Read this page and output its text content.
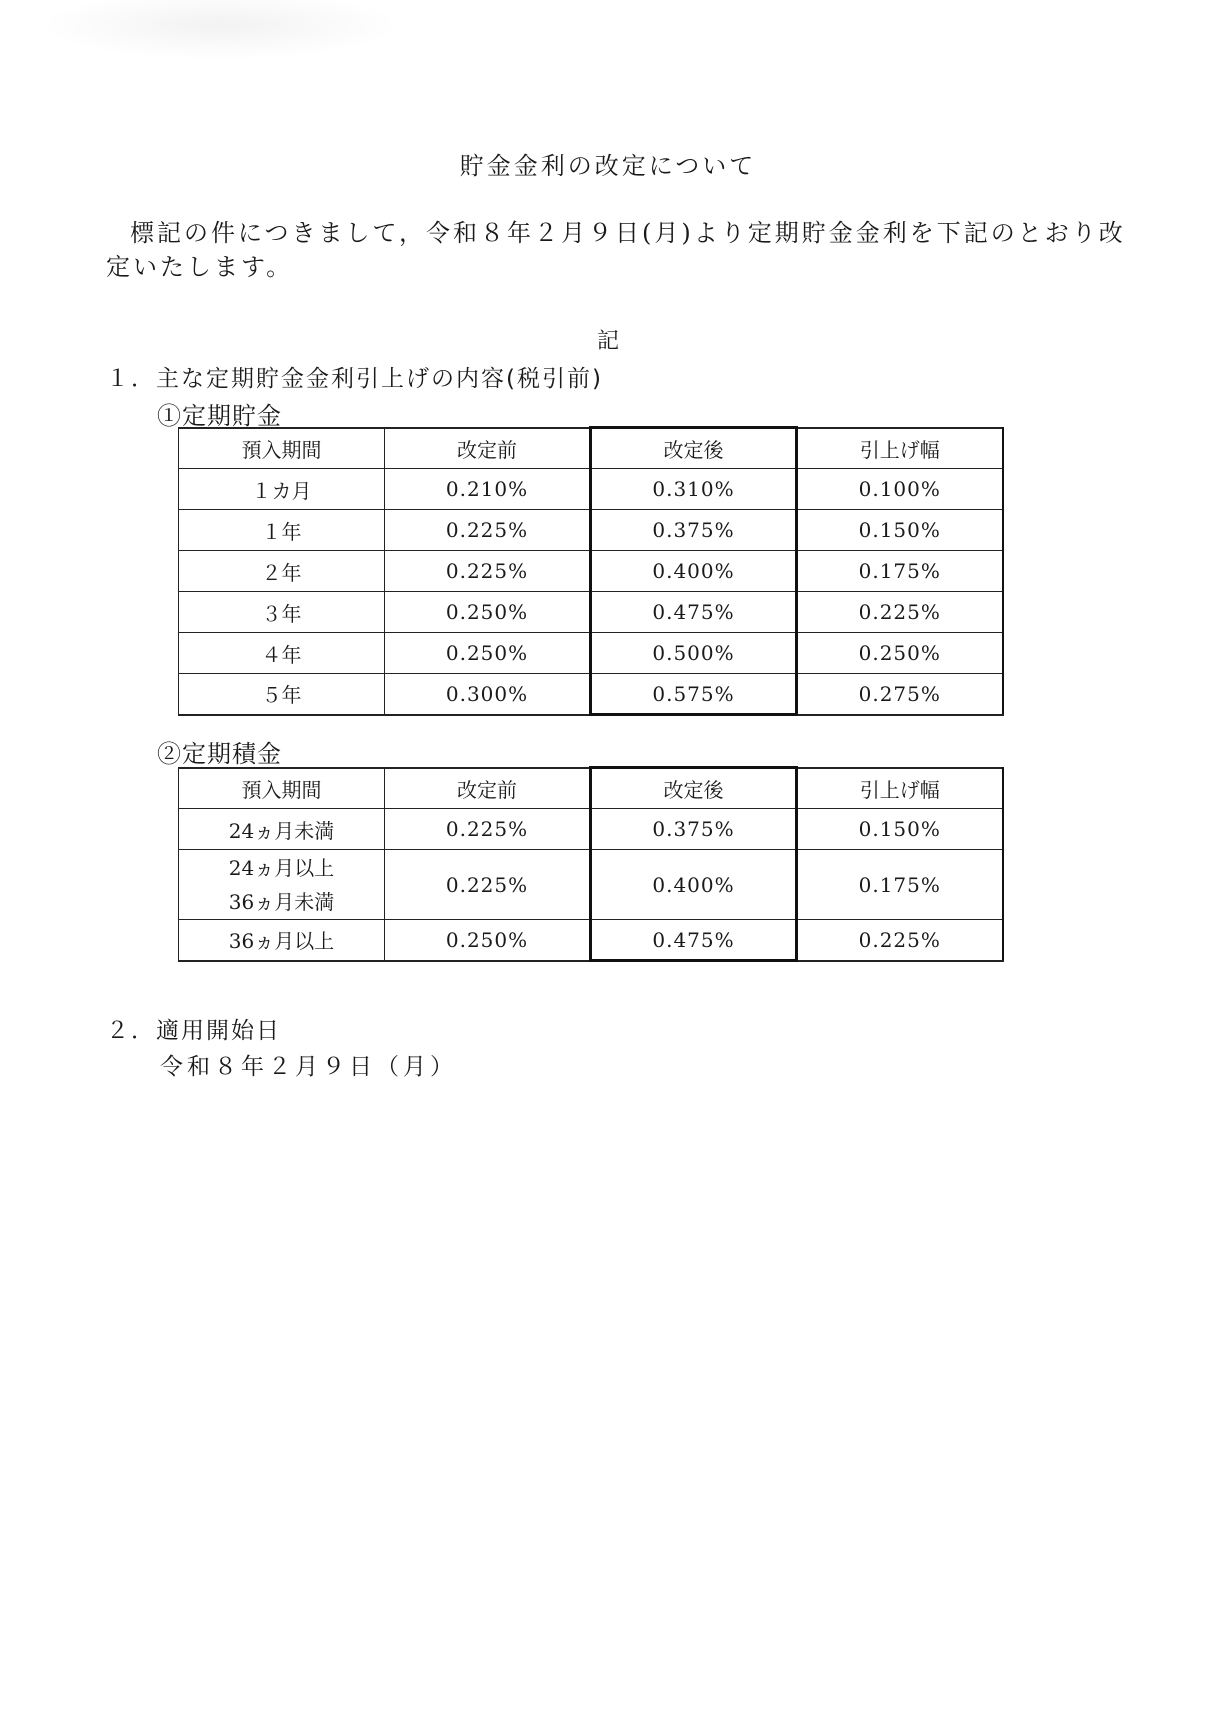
貯金金利の改定について
標記の件につきまして，令和８年２月９日(月)より定期貯金金利を下記のとおり改
定いたします。
記
１．主な定期貯金金利引上げの内容(税引前)
①定期貯金
預入期間	改定前	改定後	引上げ幅
１カ月	0.210%	0.310%	0.100%
１年	0.225%	0.375%	0.150%
２年	0.225%	0.400%	0.175%
３年	0.250%	0.475%	0.225%
４年	0.250%	0.500%	0.250%
５年	0.300%	0.575%	0.275%
②定期積金
預入期間	改定前	改定後	引上げ幅
24ヵ月未満	0.225%	0.375%	0.150%
24ヵ月以上
36ヵ月未満	0.225%	0.400%	0.175%
36ヵ月以上	0.250%	0.475%	0.225%
２．適用開始日
令和８年２月９日（月）
